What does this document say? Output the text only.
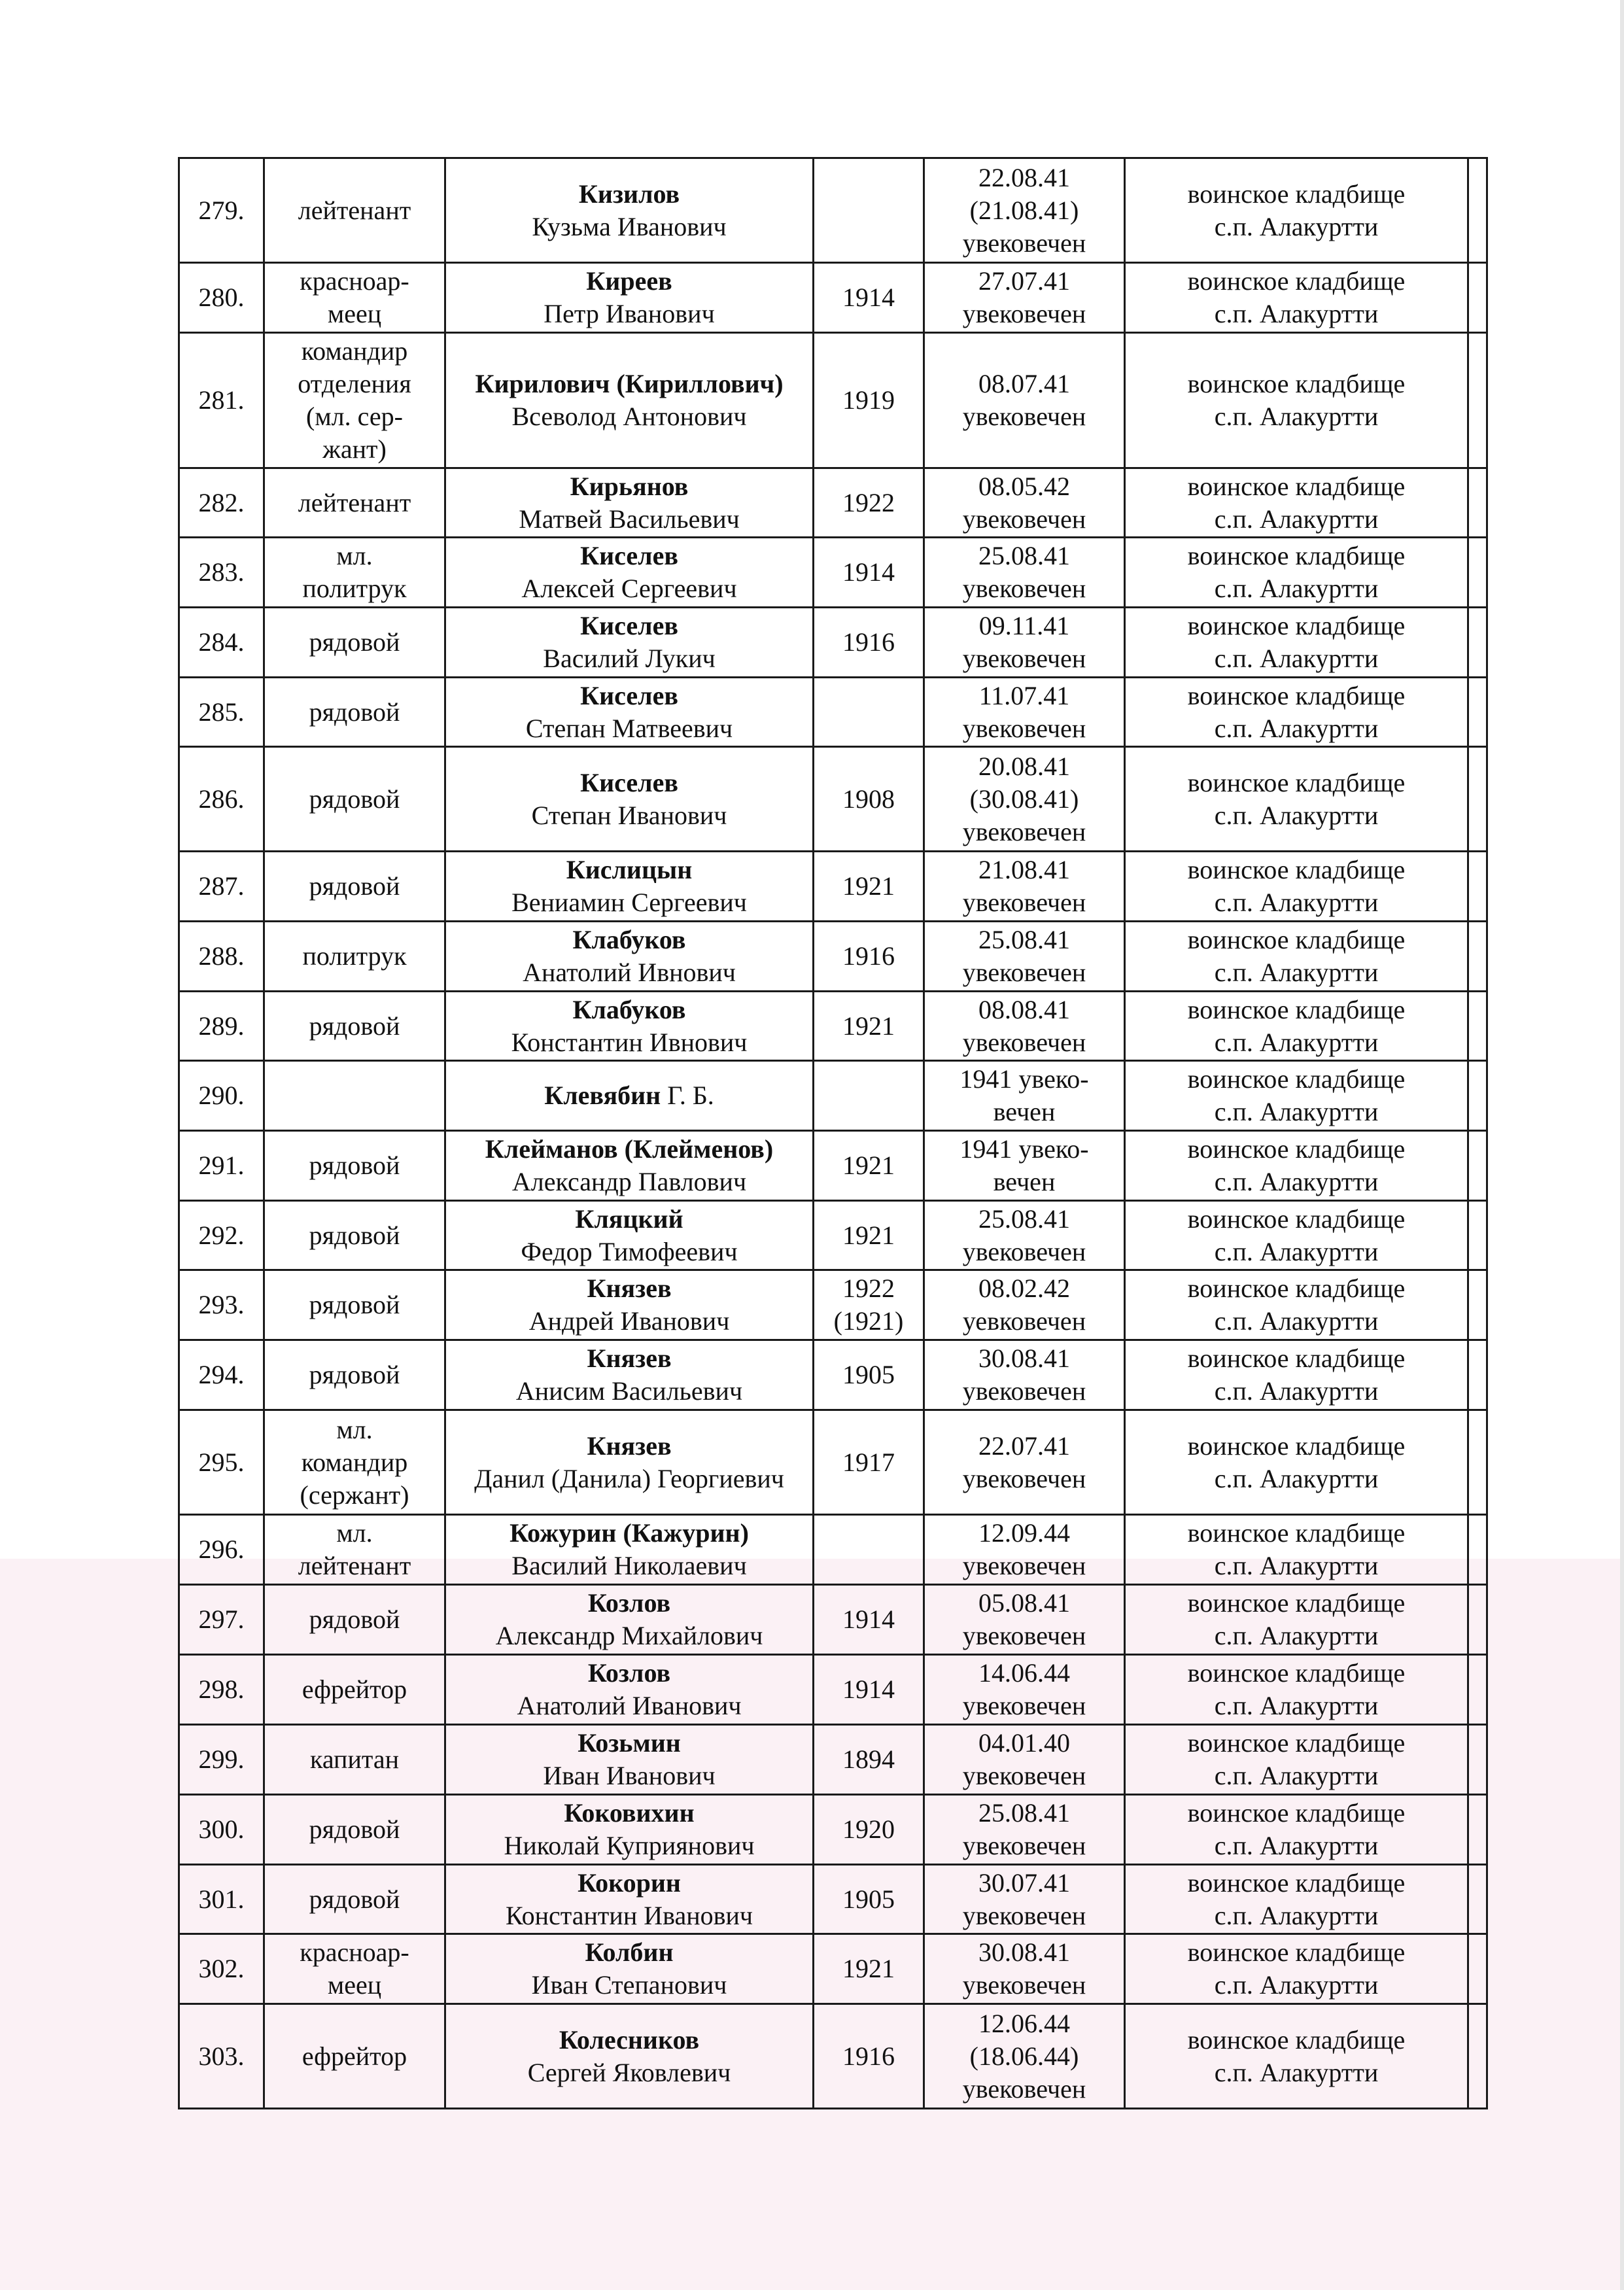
279.	лейтенант	Кизилов
Кузьма Иванович		22.08.41
(21.08.41)
увековечен	воинское кладбище
с.п. Алакуртти	

280.	красноар-
меец	Киреев
Петр Иванович	1914	27.07.41
увековечен	воинское кладбище
с.п. Алакуртти	

281.	командир
отделения
(мл. сер-
жант)	Кирилович (Кириллович)
Всеволод Антонович	1919	08.07.41
увековечен	воинское кладбище
с.п. Алакуртти	

282.	лейтенант	Кирьянов
Матвей Васильевич	1922	08.05.42
увековечен	воинское кладбище
с.п. Алакуртти	

283.	мл.
политрук	Киселев
Алексей Сергеевич	1914	25.08.41
увековечен	воинское кладбище
с.п. Алакуртти	

284.	рядовой	Киселев
Василий Лукич	1916	09.11.41
увековечен	воинское кладбище
с.п. Алакуртти	

285.	рядовой	Киселев
Степан Матвеевич		11.07.41
увековечен	воинское кладбище
с.п. Алакуртти	

286.	рядовой	Киселев
Степан Иванович	1908	20.08.41
(30.08.41)
увековечен	воинское кладбище
с.п. Алакуртти	

287.	рядовой	Кислицын
Вениамин Сергеевич	1921	21.08.41
увековечен	воинское кладбище
с.п. Алакуртти	

288.	политрук	Клабуков
Анатолий Ивнович	1916	25.08.41
увековечен	воинское кладбище
с.п. Алакуртти	

289.	рядовой	Клабуков
Константин Ивнович	1921	08.08.41
увековечен	воинское кладбище
с.п. Алакуртти	

290.		Клевябин Г. Б.		1941 увеко-
вечен	воинское кладбище
с.п. Алакуртти	

291.	рядовой	Клейманов (Клейменов)
Александр Павлович	1921	1941 увеко-
вечен	воинское кладбище
с.п. Алакуртти	

292.	рядовой	Кляцкий
Федор Тимофеевич	1921	25.08.41
увековечен	воинское кладбище
с.п. Алакуртти	

293.	рядовой	Князев
Андрей Иванович	1922
(1921)	08.02.42
уевковечен	воинское кладбище
с.п. Алакуртти	

294.	рядовой	Князев
Анисим Васильевич	1905	30.08.41
увековечен	воинское кладбище
с.п. Алакуртти	

295.	мл.
командир
(сержант)	Князев
Данил (Данила) Георгиевич	1917	22.07.41
увековечен	воинское кладбище
с.п. Алакуртти	

296.	мл.
лейтенант	Кожурин (Кажурин)
Василий Николаевич		12.09.44
увековечен	воинское кладбище
с.п. Алакуртти	

297.	рядовой	Козлов
Александр Михайлович	1914	05.08.41
увековечен	воинское кладбище
с.п. Алакуртти	

298.	ефрейтор	Козлов
Анатолий Иванович	1914	14.06.44
увековечен	воинское кладбище
с.п. Алакуртти	

299.	капитан	Козьмин
Иван Иванович	1894	04.01.40
увековечен	воинское кладбище
с.п. Алакуртти	

300.	рядовой	Коковихин
Николай Куприянович	1920	25.08.41
увековечен	воинское кладбище
с.п. Алакуртти	

301.	рядовой	Кокорин
Константин Иванович	1905	30.07.41
увековечен	воинское кладбище
с.п. Алакуртти	

302.	красноар-
меец	Колбин
Иван Степанович	1921	30.08.41
увековечен	воинское кладбище
с.п. Алакуртти	

303.	ефрейтор	Колесников
Сергей Яковлевич	1916	12.06.44
(18.06.44)
увековечен	воинское кладбище
с.п. Алакуртти	
